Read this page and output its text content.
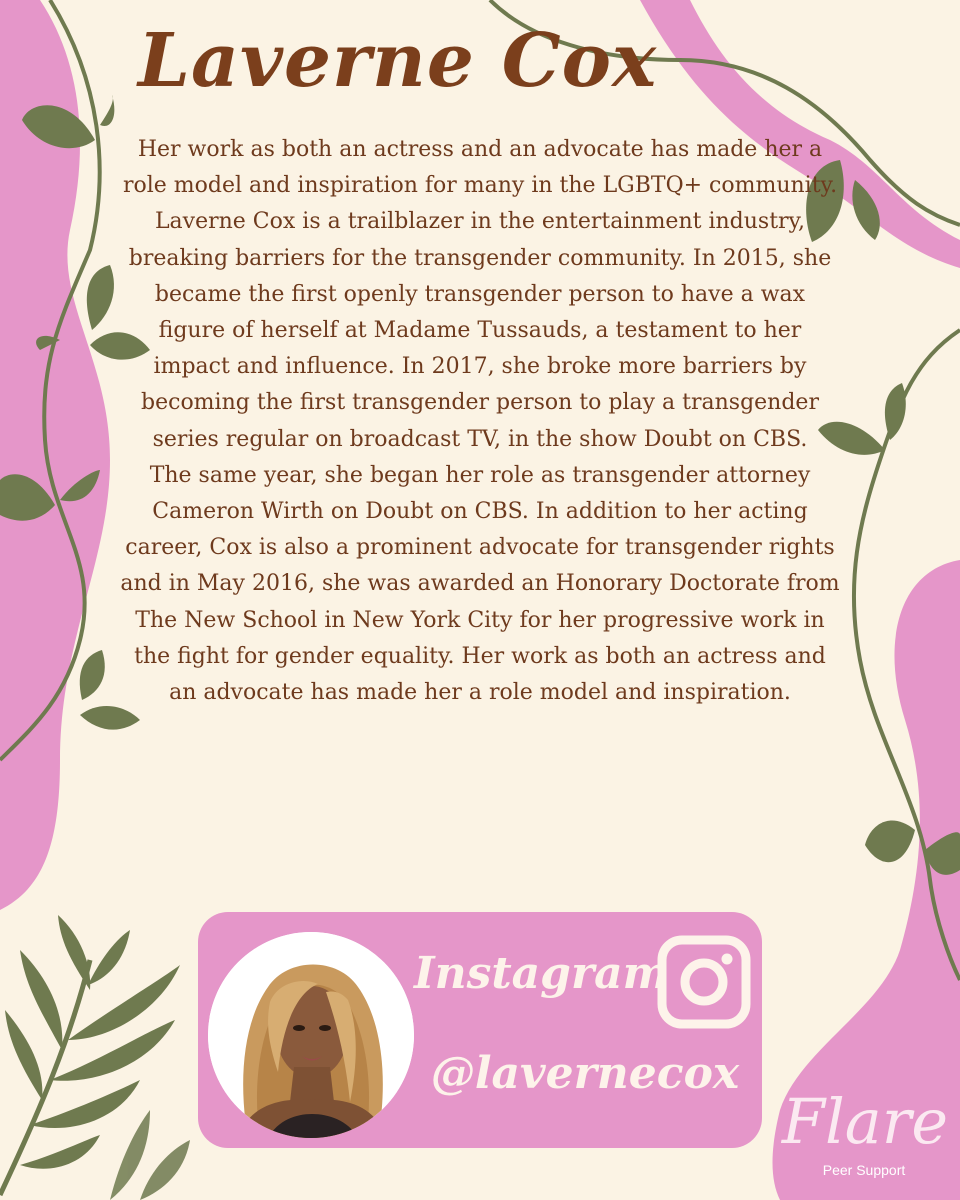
Laverne Cox

Her work as both an actress and an advocate has made her a role model and inspiration for many in the LGBTQ+ community.

Laverne Cox is a trailblazer in the entertainment industry, breaking barriers for the transgender community. In 2015, she became the first openly transgender person to have a wax figure of herself at Madame Tussauds, a testament to her impact and influence. In 2017, she broke more barriers by becoming the first transgender person to play a transgender series regular on broadcast TV, in the show Doubt on CBS.

The same year, she began her role as transgender attorney Cameron Wirth on Doubt on CBS. In addition to her acting career, Cox is also a prominent advocate for transgender rights and in May 2016, she was awarded an Honorary Doctorate from The New School in New York City for her progressive work in the fight for gender equality. Her work as both an actress and an advocate has made her a role model and inspiration.

Instagram
@lavernecox
Flare
Peer Support
